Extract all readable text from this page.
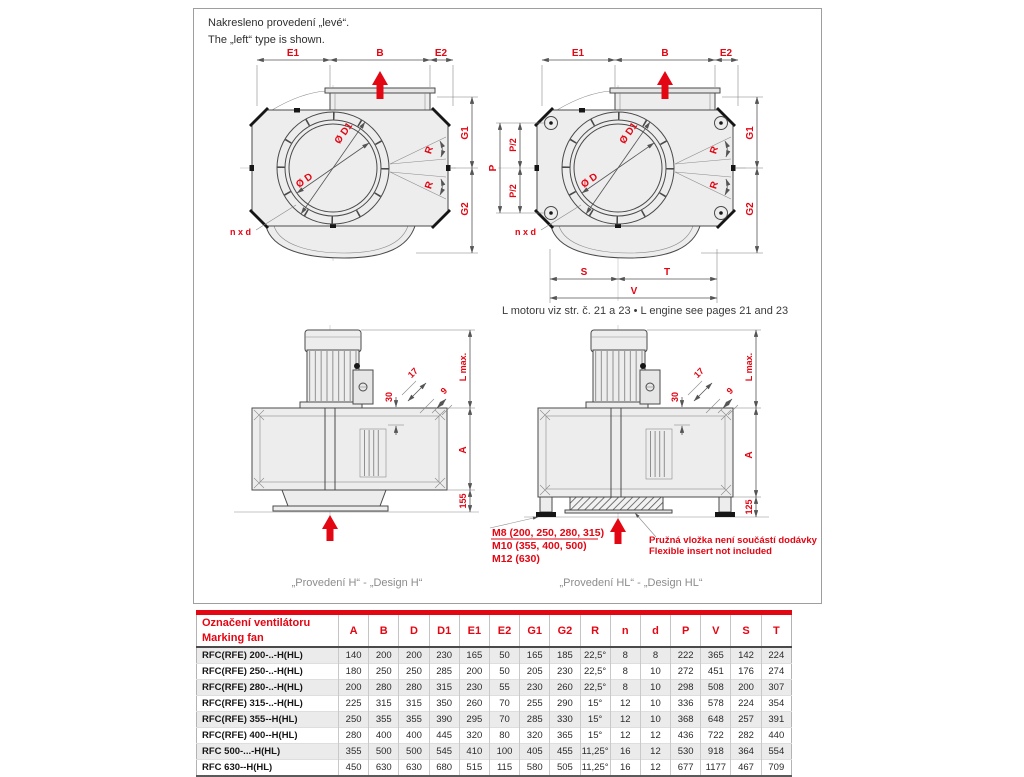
Nakresleno provedení „levé“.
The „left“ type is shown.
Ø D1
Ø D
R
R
n x d
E1	B	E2
G1
G2
Ø D1
Ø D
R
R
n x d
E1	B	E2
G1
G2
P/2
P/2
P
S	T
V
L motoru viz str. č. 21 a 23 • L engine see pages 21 and 23
L max.
A
155
30
17
9
L max.
A
125
30
17
9
M8 (200, 250, 280, 315)
M10 (355, 400, 500)
M12 (630)
Pružná vložka není součástí dodávky
Flexible insert not included
„Provedení H“ - „Design H“	„Provedení HL“ - „Design HL“
Označení ventilátoru
Marking fan	A	B	D	D1	E1	E2	G1	G2	R	n	d	P	V	S	T
RFC(RFE) 200-..-H(HL)	140	200	200	230	165	50	165	185	22,5°	8	8	222	365	142	224
RFC(RFE) 250-..-H(HL)	180	250	250	285	200	50	205	230	22,5°	8	10	272	451	176	274
RFC(RFE) 280-..-H(HL)	200	280	280	315	230	55	230	260	22,5°	8	10	298	508	200	307
RFC(RFE) 315-..-H(HL)	225	315	315	350	260	70	255	290	15°	12	10	336	578	224	354
RFC(RFE) 355--H(HL)	250	355	355	390	295	70	285	330	15°	12	10	368	648	257	391
RFC(RFE) 400--H(HL)	280	400	400	445	320	80	320	365	15°	12	12	436	722	282	440
RFC 500-...-H(HL)	355	500	500	545	410	100	405	455	11,25°	16	12	530	918	364	554
RFC 630--H(HL)	450	630	630	680	515	115	580	505	11,25°	16	12	677	1177	467	709
